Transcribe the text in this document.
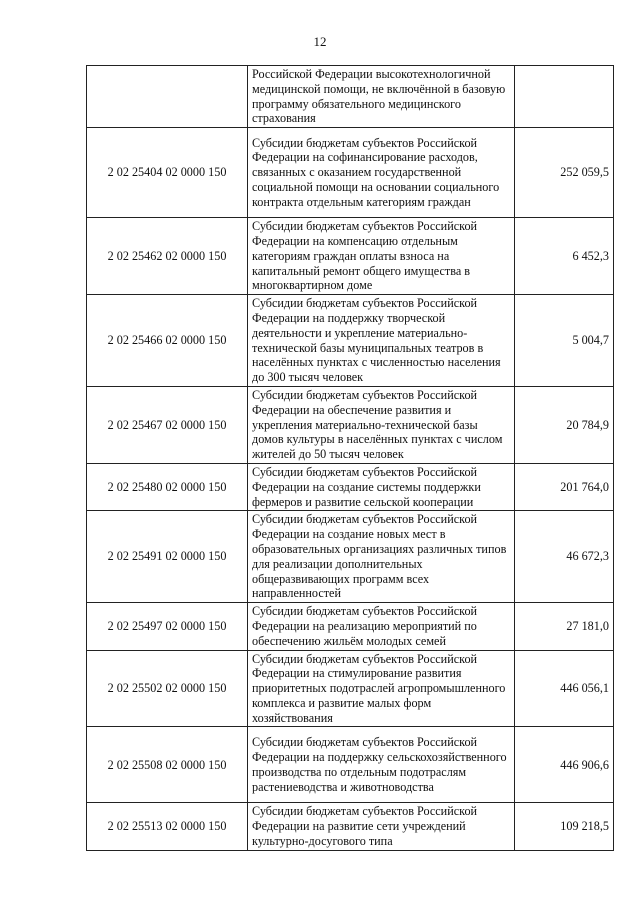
12
	Российской Федерации высокотехнологичной медицинской помощи, не включённой в базовую программу обязательного медицинского страхования	
2 02 25404 02 0000 150	Субсидии бюджетам субъектов Российской Федерации на софинансирование расходов, связанных с оказанием государственной социальной помощи на основании социального контракта отдельным категориям граждан	252 059,5
2 02 25462 02 0000 150	Субсидии бюджетам субъектов Российской Федерации на компенсацию отдельным категориям граждан оплаты взноса на капитальный ремонт общего имущества в многоквартирном доме	6 452,3
2 02 25466 02 0000 150	Субсидии бюджетам субъектов Российской Федерации на поддержку творческой деятельности и укрепление материально-технической базы муниципальных театров в населённых пунктах с численностью населения до 300 тысяч человек	5 004,7
2 02 25467 02 0000 150	Субсидии бюджетам субъектов Российской Федерации на обеспечение развития и укрепления материально-технической базы домов культуры в населённых пунктах с числом жителей до 50 тысяч человек	20 784,9
2 02 25480 02 0000 150	Субсидии бюджетам субъектов Российской Федерации на создание системы поддержки фермеров и развитие сельской кооперации	201 764,0
2 02 25491 02 0000 150	Субсидии бюджетам субъектов Российской Федерации на создание новых мест в образовательных организациях различных типов для реализации дополнительных общеразвивающих программ всех направленностей	46 672,3
2 02 25497 02 0000 150	Субсидии бюджетам субъектов Российской Федерации на реализацию мероприятий по обеспечению жильём молодых семей	27 181,0
2 02 25502 02 0000 150	Субсидии бюджетам субъектов Российской Федерации на стимулирование развития приоритетных подотраслей агропромышленного комплекса и развитие малых форм хозяйствования	446 056,1
2 02 25508 02 0000 150	Субсидии бюджетам субъектов Российской Федерации на поддержку сельскохозяйственного производства по отдельным подотраслям растениеводства и животноводства	446 906,6
2 02 25513 02 0000 150	Субсидии бюджетам субъектов Российской Федерации на развитие сети учреждений культурно-досугового типа	109 218,5
